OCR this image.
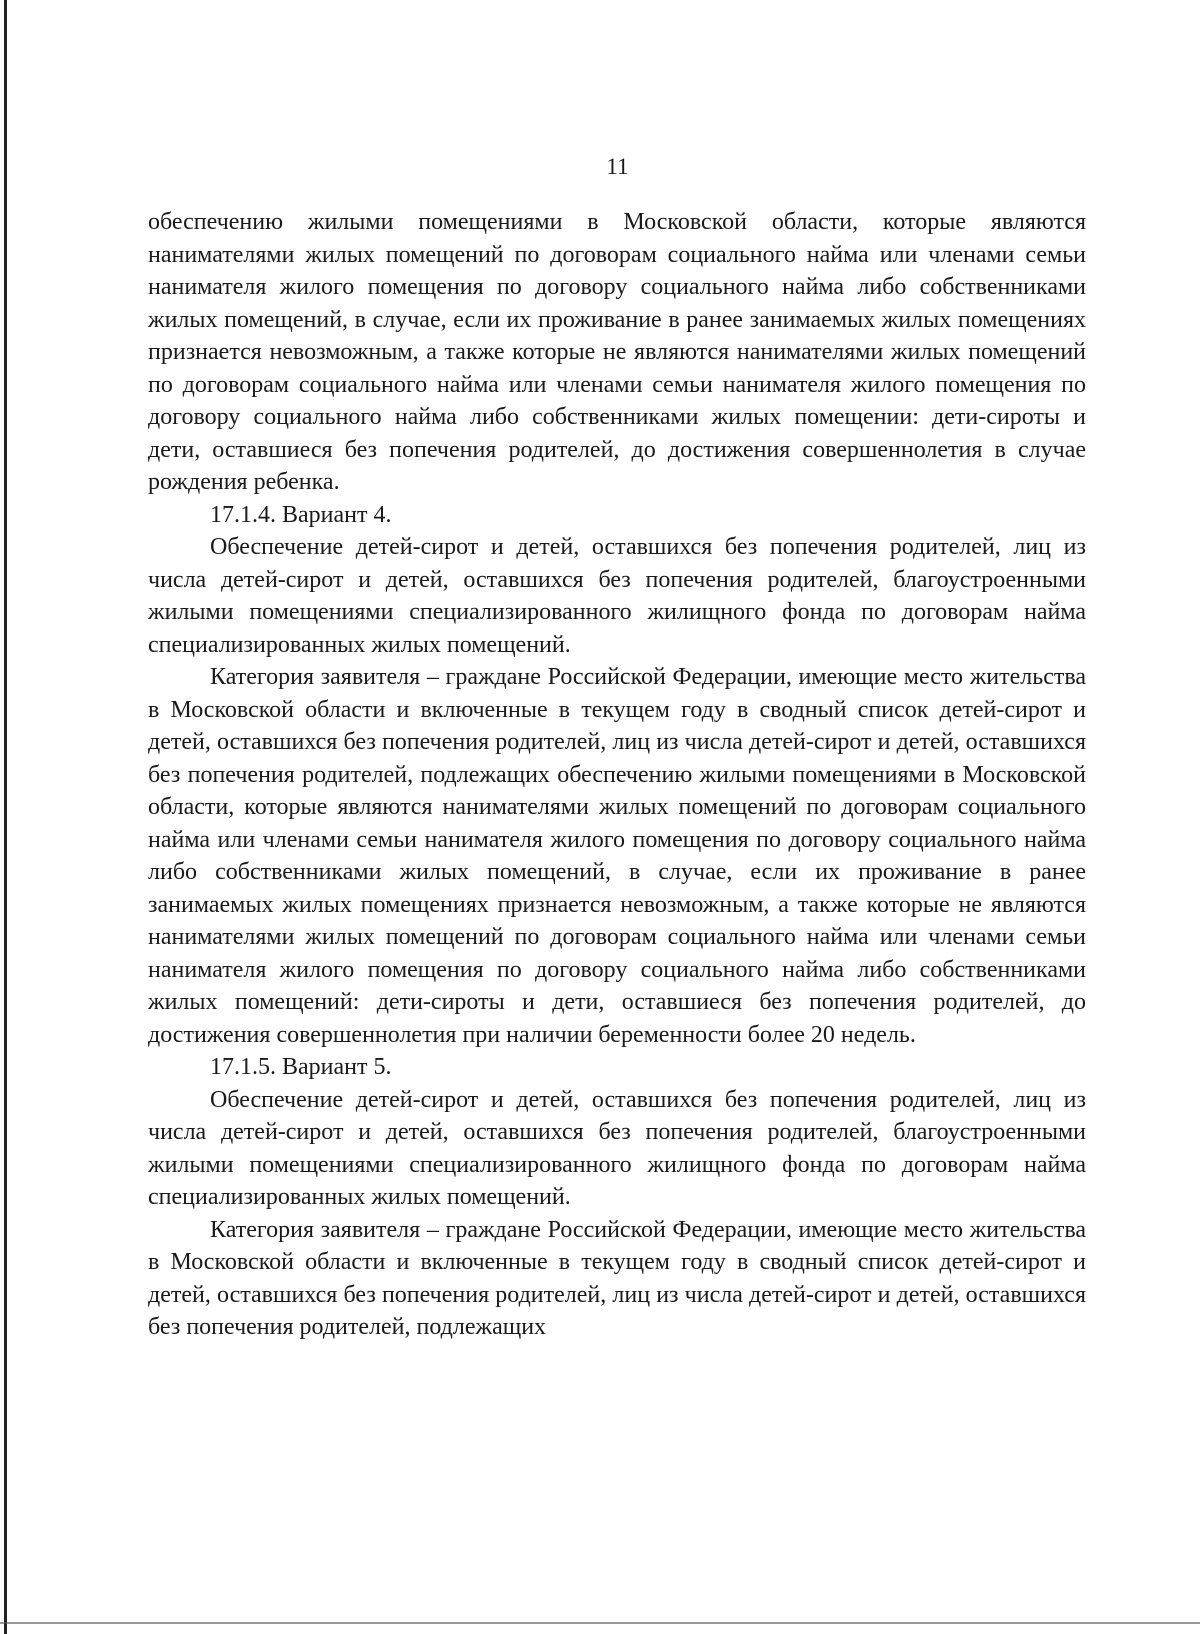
11

обеспечению жилыми помещениями в Московской области, которые являются нанимателями жилых помещений по договорам социального найма или членами семьи нанимателя жилого помещения по договору социального найма либо собственниками жилых помещений, в случае, если их проживание в ранее занимаемых жилых помещениях признается невозможным, а также которые не являются нанимателями жилых помещений по договорам социального найма или членами семьи нанимателя жилого помещения по договору социального найма либо собственниками жилых помещении: дети-сироты и дети, оставшиеся без попечения родителей, до достижения совершеннолетия в случае рождения ребенка.

17.1.4. Вариант 4.

Обеспечение детей-сирот и детей, оставшихся без попечения родителей, лиц из числа детей-сирот и детей, оставшихся без попечения родителей, благоустроенными жилыми помещениями специализированного жилищного фонда по договорам найма специализированных жилых помещений.

Категория заявителя – граждане Российской Федерации, имеющие место жительства в Московской области и включенные в текущем году в сводный список детей-сирот и детей, оставшихся без попечения родителей, лиц из числа детей-сирот и детей, оставшихся без попечения родителей, подлежащих обеспечению жилыми помещениями в Московской области, которые являются нанимателями жилых помещений по договорам социального найма или членами семьи нанимателя жилого помещения по договору социального найма либо собственниками жилых помещений, в случае, если их проживание в ранее занимаемых жилых помещениях признается невозможным, а также которые не являются нанимателями жилых помещений по договорам социального найма или членами семьи нанимателя жилого помещения по договору социального найма либо собственниками жилых помещений: дети-сироты и дети, оставшиеся без попечения родителей, до достижения совершеннолетия при наличии беременности более 20 недель.

17.1.5. Вариант 5.

Обеспечение детей-сирот и детей, оставшихся без попечения родителей, лиц из числа детей-сирот и детей, оставшихся без попечения родителей, благоустроенными жилыми помещениями специализированного жилищного фонда по договорам найма специализированных жилых помещений.

Категория заявителя – граждане Российской Федерации, имеющие место жительства в Московской области и включенные в текущем году в сводный список детей-сирот и детей, оставшихся без попечения родителей, лиц из числа детей-сирот и детей, оставшихся без попечения родителей, подлежащих
